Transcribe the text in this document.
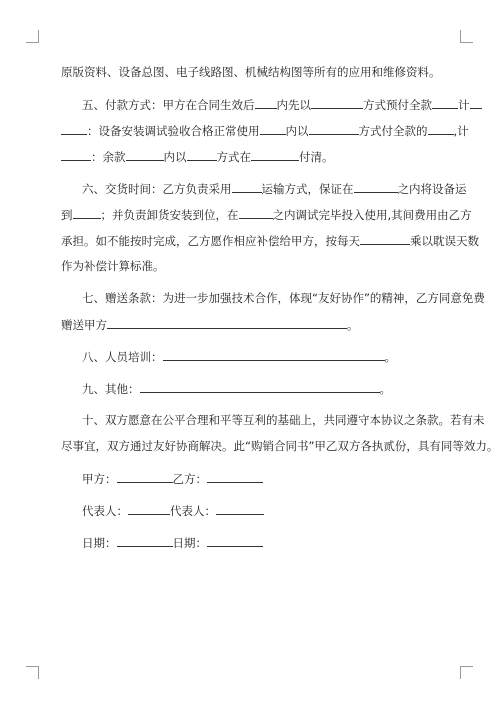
原版资料、设备总图、电子线路图、机械结构图等所有的应用和维修资料。
五、付款方式：甲方在合同生效后 内先以	方式预付全款 计
：设备安装调试验收合格正常使用 内以	方式付全款的 ,计
：余款	内以	方式在	付清。
六、交货时间：乙方负责采用	运输方式，保证在	之内将设备运
到 ；并负责卸货安装到位，在	之内调试完毕投入使用,其间费用由乙方
承担。如不能按时完成，乙方愿作相应补偿给甲方，按每天	乘以耽误天数
作为补偿计算标准。
七、赠送条款：为进一步加强技术合作，体现“友好协作”的精神，乙方同意免费
赠送甲方	。
八、人员培训：	。
九、其他：	。
十、双方愿意在公平合理和平等互利的基础上，共同遵守本协议之条款。若有未
尽事宜，双方通过友好协商解决。此“购销合同书”甲乙双方各执贰份，具有同等效力。
甲方：	乙方：
代表人：	代表人：
日期：	日期：
